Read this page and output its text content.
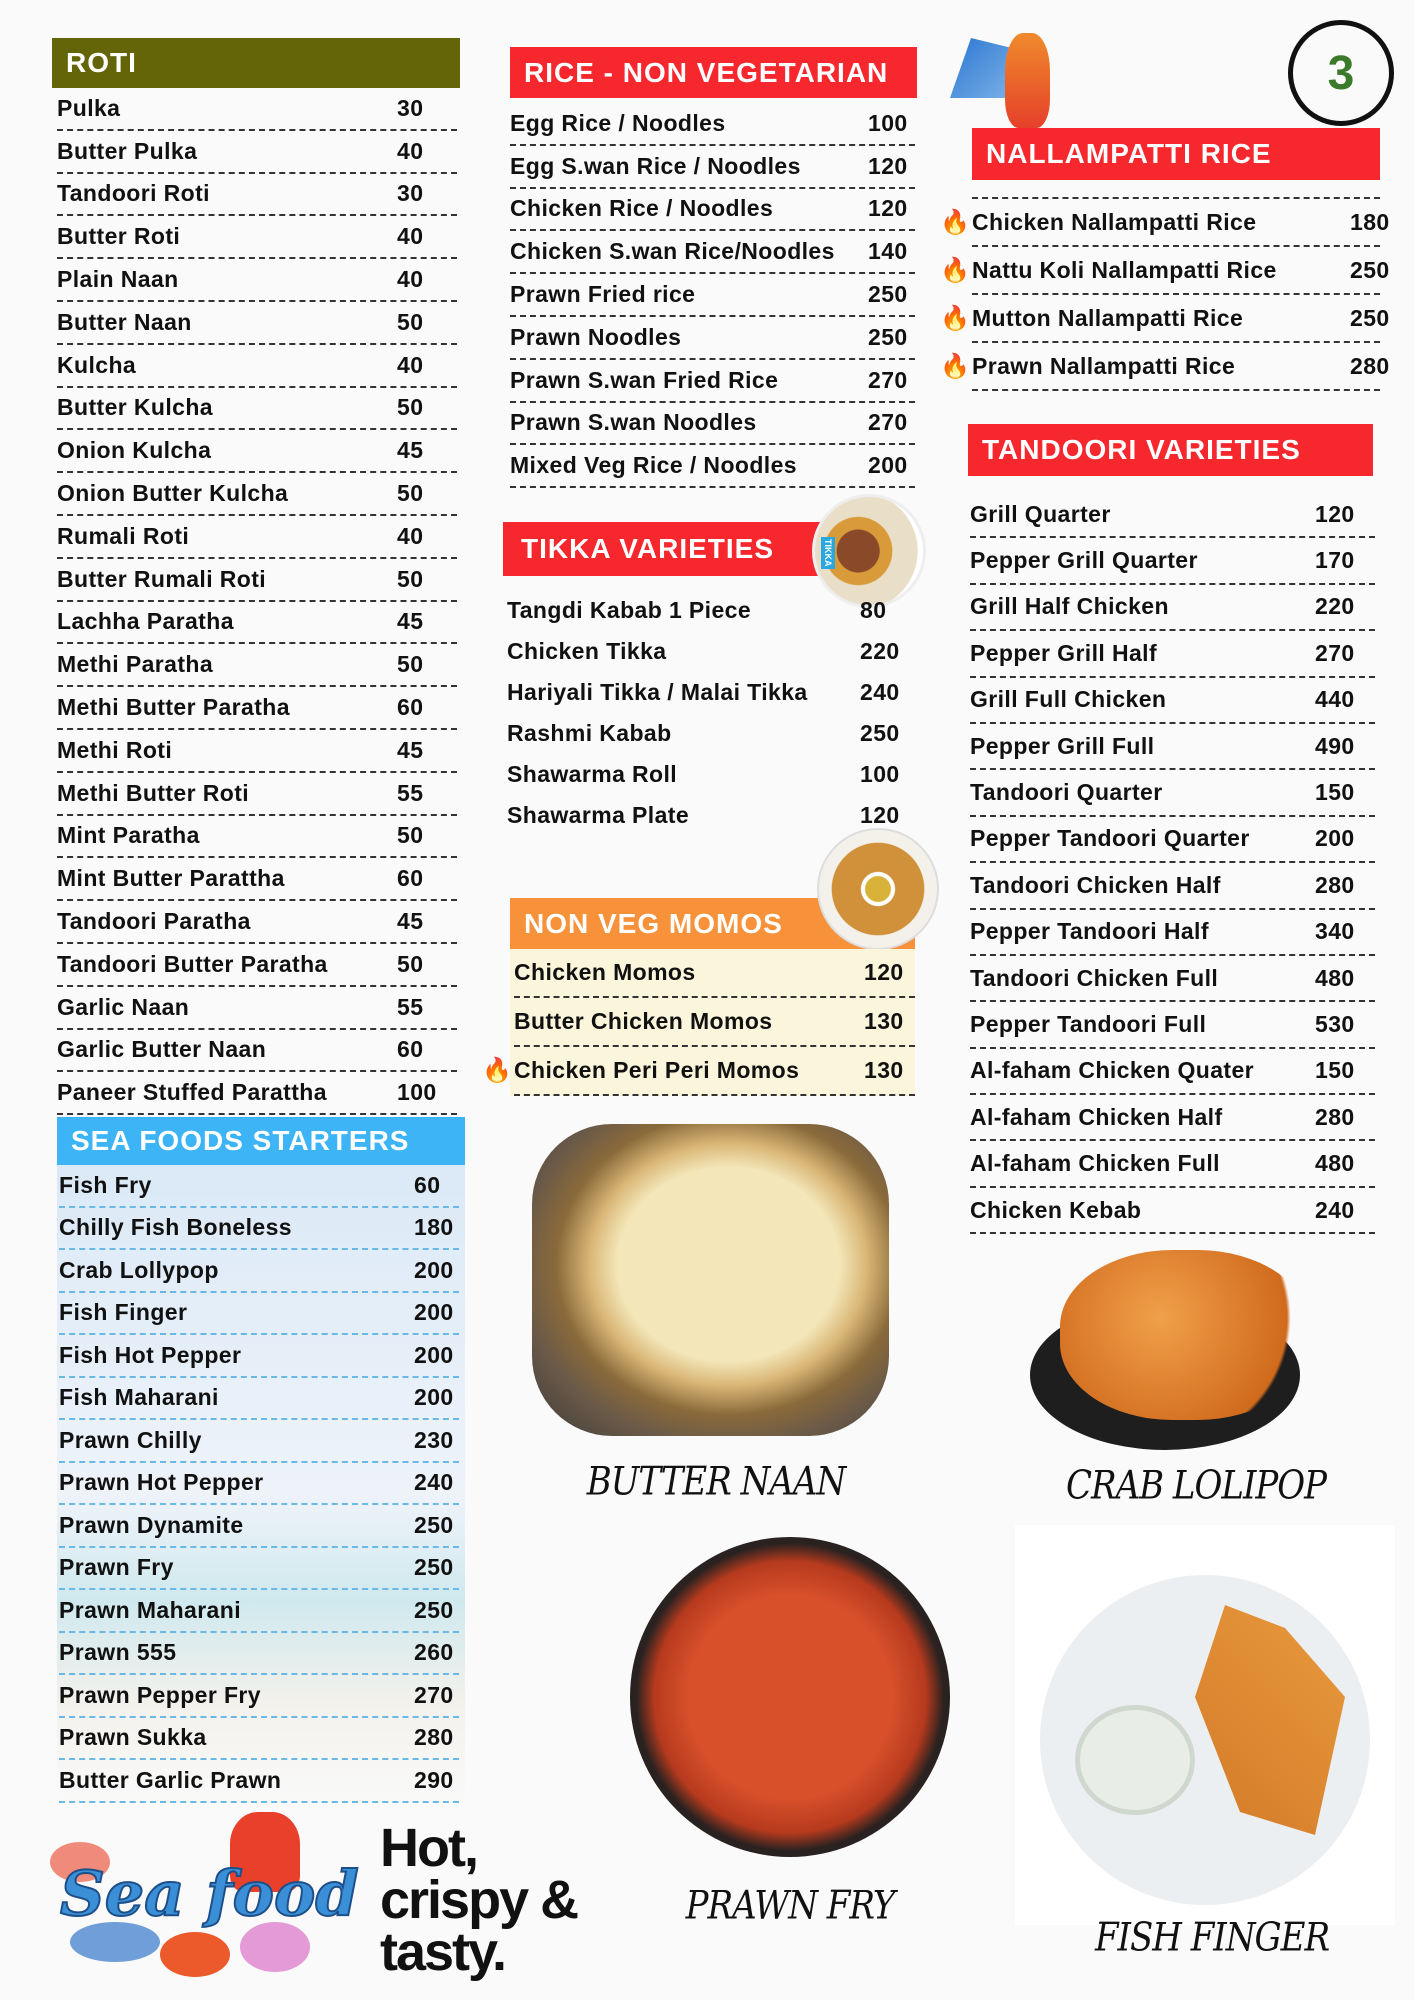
ROTI
Pulka	30
Butter Pulka	40
Tandoori Roti	30
Butter Roti	40
Plain Naan	40
Butter Naan	50
Kulcha	40
Butter Kulcha	50
Onion Kulcha	45
Onion Butter Kulcha	50
Rumali Roti	40
Butter Rumali Roti	50
Lachha Paratha	45
Methi Paratha	50
Methi Butter Paratha	60
Methi Roti	45
Methi Butter Roti	55
Mint Paratha	50
Mint Butter Parattha	60
Tandoori Paratha	45
Tandoori Butter Paratha	50
Garlic Naan	55
Garlic Butter Naan	60
Paneer Stuffed Parattha	100
SEA FOODS STARTERS
Fish Fry	60
Chilly Fish Boneless	180
Crab Lollypop	200
Fish Finger	200
Fish Hot Pepper	200
Fish Maharani	200
Prawn Chilly	230
Prawn Hot Pepper	240
Prawn Dynamite	250
Prawn Fry	250
Prawn Maharani	250
Prawn 555	260
Prawn Pepper Fry	270
Prawn Sukka	280
Butter Garlic Prawn	290
Sea food
Hot,
crispy &
tasty.
RICE - NON VEGETARIAN
Egg Rice / Noodles	100
Egg S.wan Rice / Noodles	120
Chicken Rice / Noodles	120
Chicken S.wan Rice/Noodles	140
Prawn Fried rice	250
Prawn Noodles	250
Prawn S.wan Fried Rice	270
Prawn S.wan Noodles	270
Mixed Veg Rice / Noodles	200
TIKKA VARIETIES	TIKKA
Tangdi Kabab 1 Piece	80
Chicken Tikka	220
Hariyali Tikka / Malai Tikka	240
Rashmi Kabab	250
Shawarma Roll	100
Shawarma Plate	120
NON VEG MOMOS
Chicken Momos	120
Butter Chicken Momos	130
🔥 Chicken Peri Peri Momos	130
3
NALLAMPATTI RICE
🔥 Chicken Nallampatti Rice	180
🔥 Nattu Koli Nallampatti Rice	250
🔥 Mutton Nallampatti Rice	250
🔥 Prawn Nallampatti Rice	280
TANDOORI VARIETIES
Grill Quarter	120
Pepper Grill Quarter	170
Grill Half Chicken	220
Pepper Grill Half	270
Grill Full Chicken	440
Pepper Grill Full	490
Tandoori Quarter	150
Pepper Tandoori Quarter	200
Tandoori Chicken Half	280
Pepper Tandoori Half	340
Tandoori Chicken Full	480
Pepper Tandoori Full	530
Al-faham Chicken Quater	150
Al-faham Chicken Half	280
Al-faham Chicken Full	480
Chicken Kebab	240
BUTTER NAAN
PRAWN FRY
CRAB LOLIPOP
FISH FINGER
